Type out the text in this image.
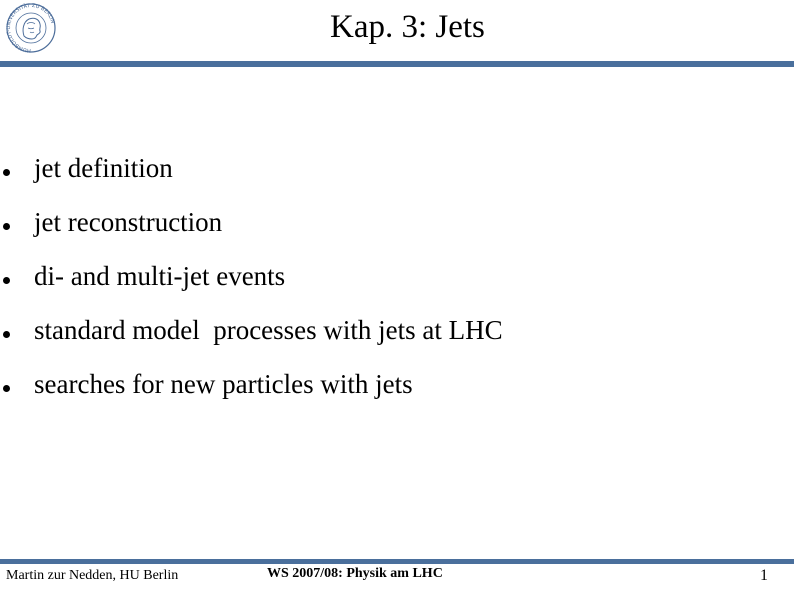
HUMBOLDT-UNIVERSITÄT ZU BERLIN	Kap. 3: Jets
jet definition
jet reconstruction
di- and multi-jet events
standard model  processes with jets at LHC
searches for new particles with jets
Martin zur Nedden, HU Berlin	WS 2007/08: Physik am LHC	1
